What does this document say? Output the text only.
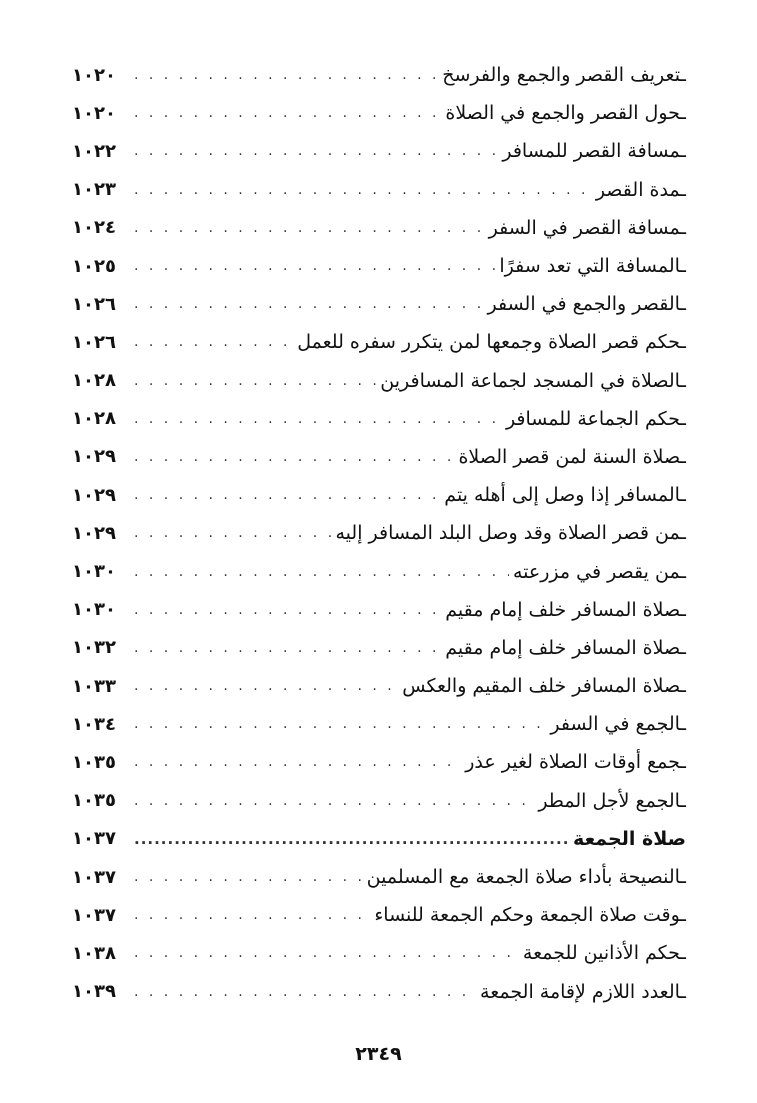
ـتعريف القصر والجمع والفرسخ
. . .
١٠٢٠
ـحول القصر والجمع في الصلاة
. . .
١٠٢٠
ـمسافة القصر للمسافر
. . .
١٠٢٢
ـمدة القصر
. . .
١٠٢٣
ـمسافة القصر في السفر
. . .
١٠٢٤
ـالمسافة التي تعد سفرًا
. . .
١٠٢٥
ـالقصر والجمع في السفر
. . .
١٠٢٦
ـحكم قصر الصلاة وجمعها لمن يتكرر سفره للعمل
. . .
١٠٢٦
ـالصلاة في المسجد لجماعة المسافرين
. . .
١٠٢٨
ـحكم الجماعة للمسافر
. . .
١٠٢٨
ـصلاة السنة لمن قصر الصلاة
. . .
١٠٢٩
ـالمسافر إذا وصل إلى أهله يتم
. . .
١٠٢٩
ـمن قصر الصلاة وقد وصل البلد المسافر إليه
. . .
١٠٢٩
ـمن يقصر في مزرعته
. . .
١٠٣٠
ـصلاة المسافر خلف إمام مقيم
. . .
١٠٣٠
ـصلاة المسافر خلف إمام مقيم
. . .
١٠٣٢
ـصلاة المسافر خلف المقيم والعكس
. . .
١٠٣٣
ـالجمع في السفر
. . .
١٠٣٤
ـجمع أوقات الصلاة لغير عذر
. . .
١٠٣٥
ـالجمع لأجل المطر
. . .
١٠٣٥
صلاة الجمعة
.....
١٠٣٧
ـالنصيحة بأداء صلاة الجمعة مع المسلمين
. . .
١٠٣٧
ـوقت صلاة الجمعة وحكم الجمعة للنساء
. . .
١٠٣٧
ـحكم الأذانين للجمعة
. . .
١٠٣٨
ـالعدد اللازم لإقامة الجمعة
. . .
١٠٣٩
٢٣٤٩
